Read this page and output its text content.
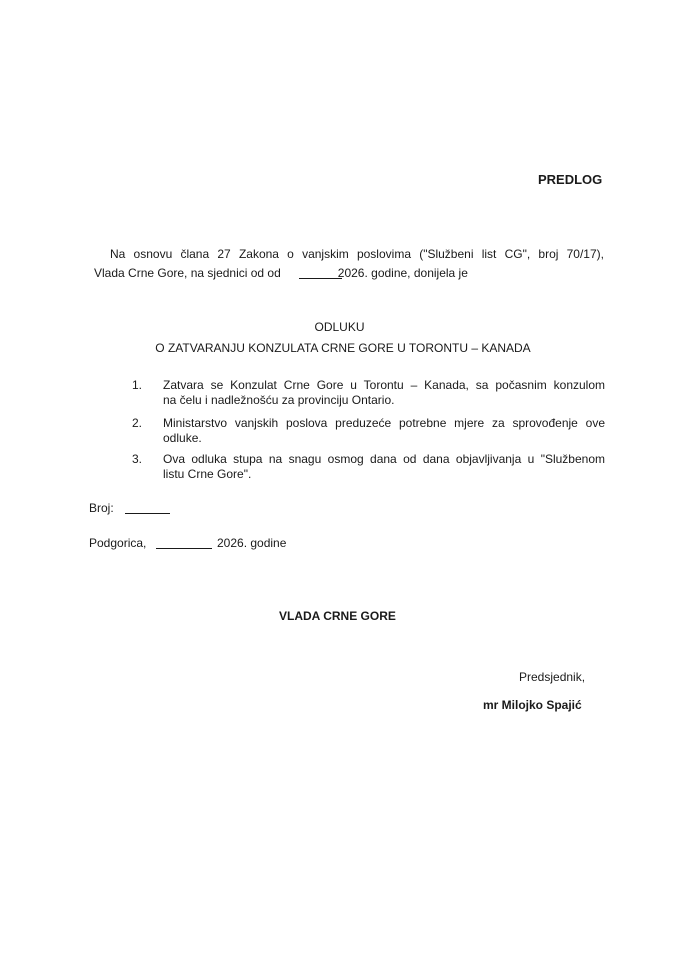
PREDLOG
Na osnovu člana 27 Zakona o vanjskim poslovima ("Službeni list CG", broj 70/17),
Vlada Crne Gore, na sjednici od od	2026. godine, donijela je
ODLUKU
O ZATVARANJU KONZULATA CRNE GORE U TORONTU – KANADA
1. Zatvara se Konzulat Crne Gore u Torontu – Kanada, sa počasnim konzulom
na čelu i nadležnošću za provinciju Ontario.
2. Ministarstvo vanjskih poslova preduzeće potrebne mjere za sprovođenje ove
odluke.
3. Ova odluka stupa na snagu osmog dana od dana objavljivanja u "Službenom
listu Crne Gore".
Broj:
Podgorica,	2026. godine
VLADA CRNE GORE
Predsjednik,
mr Milojko Spajić
